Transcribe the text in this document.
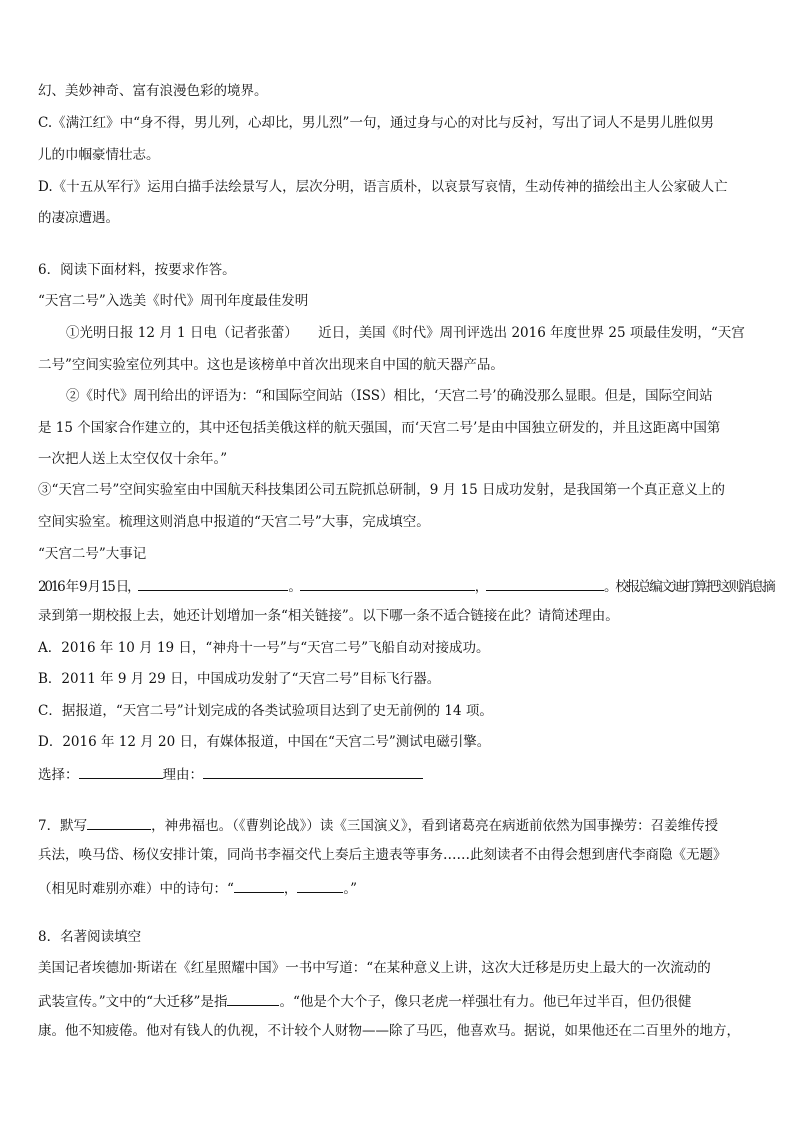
幻、美妙神奇、富有浪漫色彩的境界。
C.《满江红》中“身不得，男儿列，心却比，男儿烈”一句，通过身与心的对比与反衬，写出了词人不是男儿胜似男
儿的巾帼豪情壮志。
D.《十五从军行》运用白描手法绘景写人，层次分明，语言质朴，以哀景写哀情，生动传神的描绘出主人公家破人亡
的凄凉遭遇。
6．阅读下面材料，按要求作答。
“天宫二号”入选美《时代》周刊年度最佳发明
①光明日报 12 月 1 日电（记者张蕾）　　近日，美国《时代》周刊评选出 2016 年度世界 25 项最佳发明，“天宫
二号”空间实验室位列其中。这也是该榜单中首次出现来自中国的航天器产品。
②《时代》周刊给出的评语为：“和国际空间站（ISS）相比，‘天宫二号’的确没那么显眼。但是，国际空间站
是 15 个国家合作建立的，其中还包括美俄这样的航天强国，而‘天宫二号’是由中国独立研发的，并且这距离中国第
一次把人送上太空仅仅十余年。”
③“天宫二号”空间实验室由中国航天科技集团公司五院抓总研制，9 月 15 日成功发射，是我国第一个真正意义上的
空间实验室。梳理这则消息中报道的“天宫二号”大事，完成填空。
“天宫二号”大事记
2016 年 9 月 15 日，	。	，	。校报总编文迪打算把这则消息摘
录到第一期校报上去，她还计划增加一条“相关链接”。以下哪一条不适合链接在此？请简述理由。
A．2016 年 10 月 19 日，“神舟十一号”与“天宫二号”飞船自动对接成功。
B．2011 年 9 月 29 日，中国成功发射了“天宫二号”目标飞行器。
C．据报道，“天宫二号”计划完成的各类试验项目达到了史无前例的 14 项。
D．2016 年 12 月 20 日，有媒体报道，中国在“天宫二号”测试电磁引擎。
选择：	理由：
7．默写	，神弗福也。（《曹刿论战》）读《三国演义》，看到诸葛亮在病逝前依然为国事操劳：召姜维传授
兵法，唤马岱、杨仪安排计策，同尚书李福交代上奏后主遗表等事务……此刻读者不由得会想到唐代李商隐《无题》
（相见时难别亦难）中的诗句：“	，	。”
8．名著阅读填空
美国记者埃德加·斯诺在《红星照耀中国》一书中写道：“在某种意义上讲，这次大迁移是历史上最大的一次流动的
武装宣传。”文中的“大迁移”是指	。“他是个大个子，像只老虎一样强壮有力。他已年过半百，但仍很健
康。他不知疲倦。他对有钱人的仇视，不计较个人财物——除了马匹，他喜欢马。据说，如果他还在二百里外的地方，
